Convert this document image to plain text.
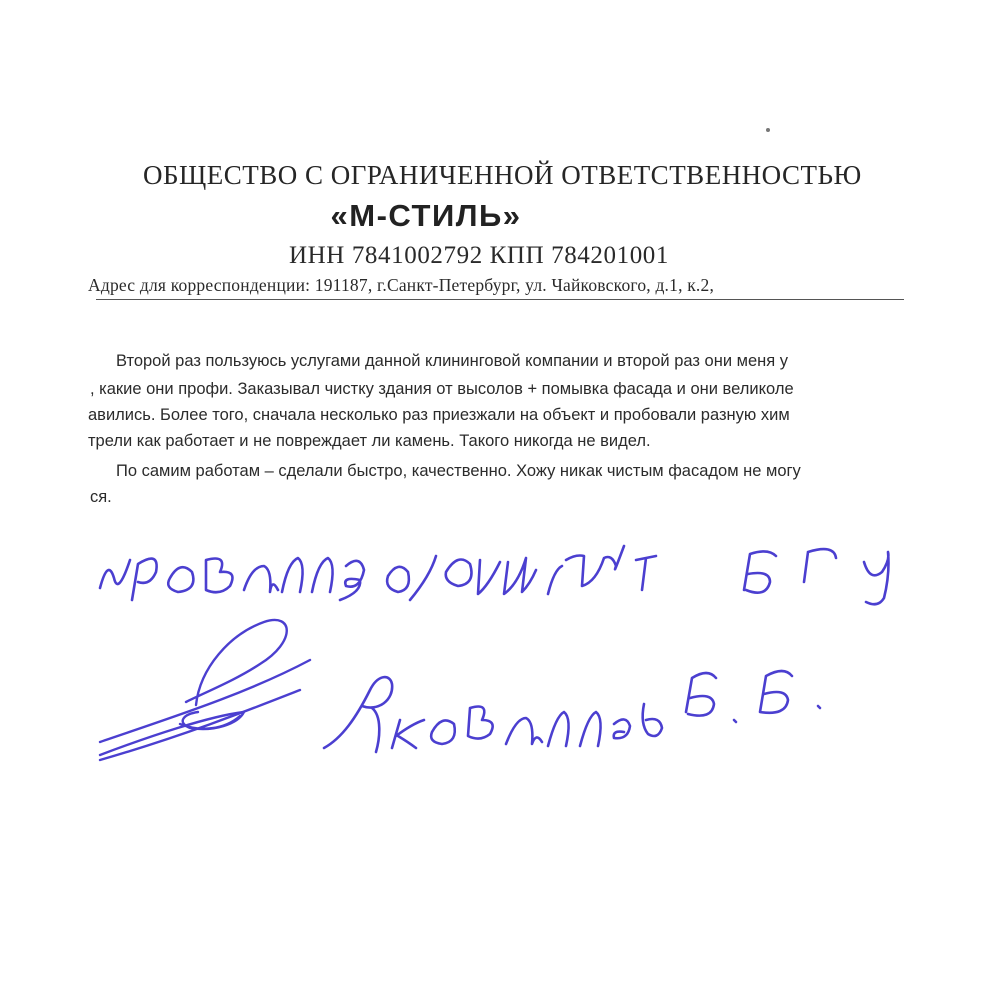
ОБЩЕСТВО С ОГРАНИЧЕННОЙ ОТВЕТСТВЕННОСТЬЮ
«М-СТИЛЬ»
ИНН 7841002792 КПП 784201001
Адрес для корреспонденции: 191187, г.Санкт-Петербург, ул. Чайковского, д.1, к.2,
Второй раз пользуюсь услугами данной клининговой компании и второй раз они меня у
, какие они профи. Заказывал чистку здания от высолов + помывка фасада и они великоле
авились. Более того, сначала несколько раз приезжали на объект и пробовали разную хим
трели как работает и не повреждает ли камень. Такого никогда не видел.
По самим работам – сделали быстро, качественно. Хожу никак чистым фасадом не могу
ся.
